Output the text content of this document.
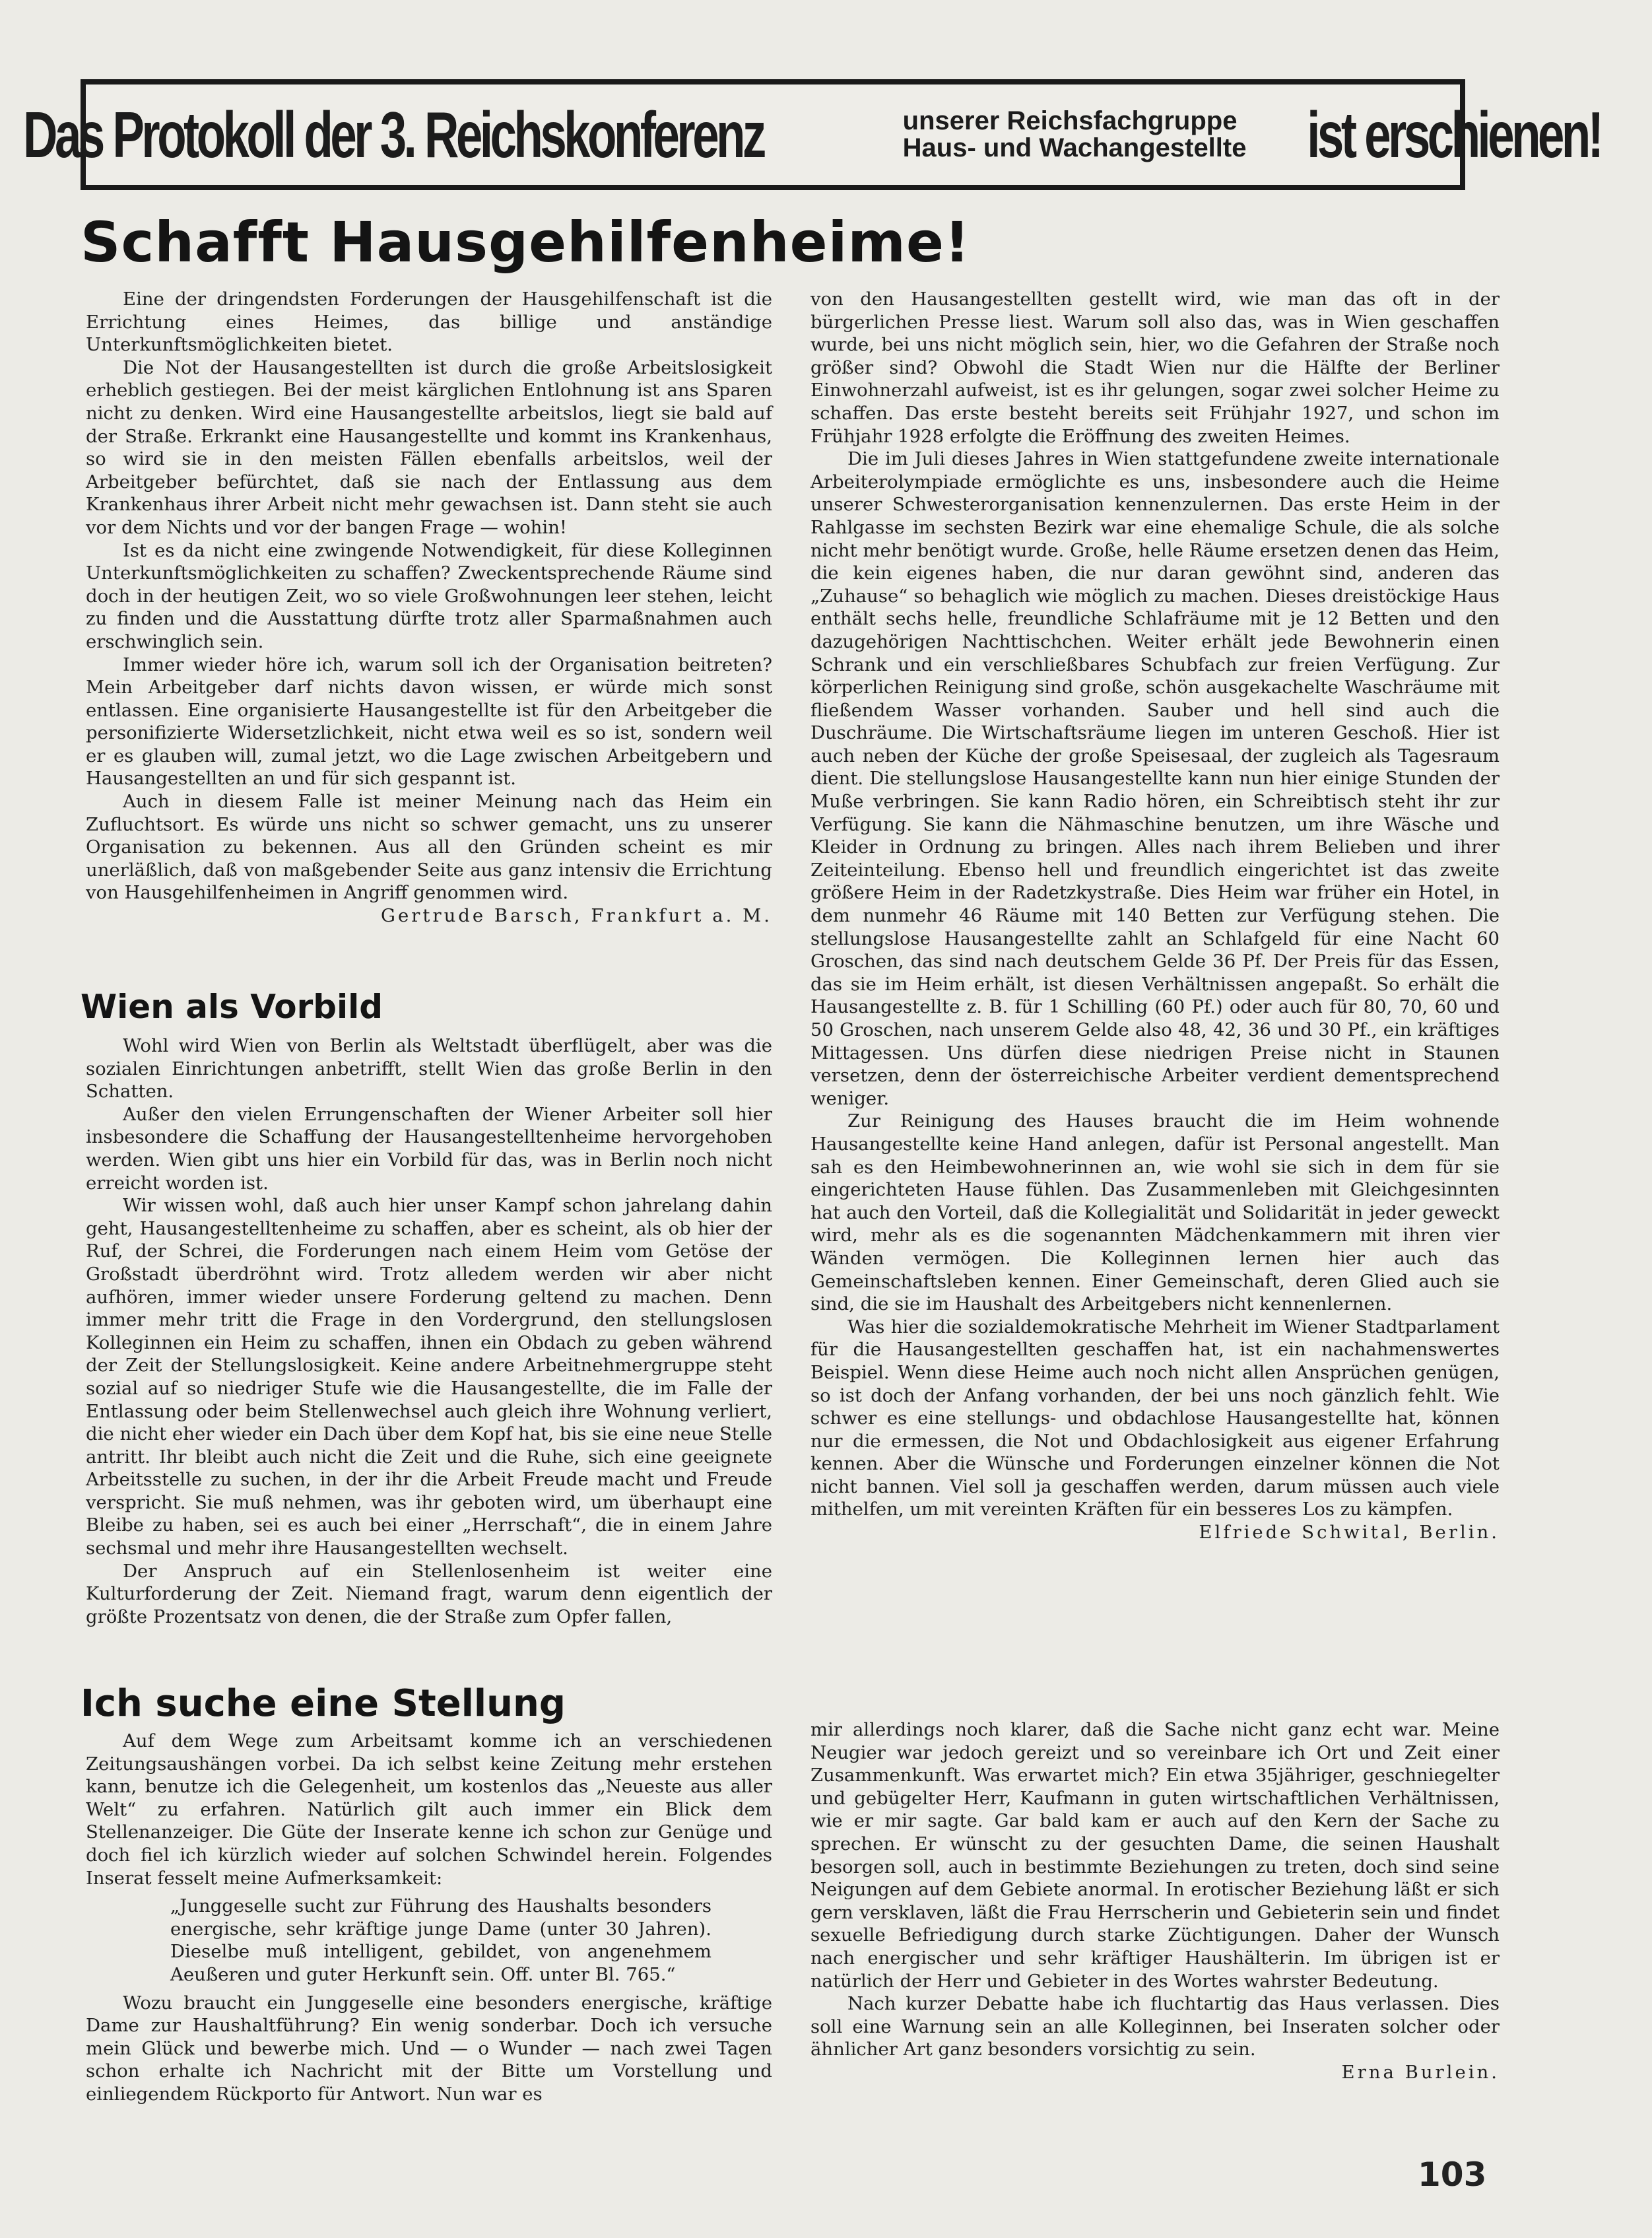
Das Protokoll der 3. Reichskonferenz	unserer Reichsfachgruppe
Haus- und Wachangestellte ist erschienen!
Schafft Hausgehilfenheime!

Eine der dringendsten Forderungen der Hausgehilfenschaft ist die Errichtung eines Heimes, das billige und anständige Unterkunftsmöglichkeiten bietet.

Die Not der Hausangestellten ist durch die große Arbeitslosigkeit erheblich gestiegen. Bei der meist kärglichen Entlohnung ist ans Sparen nicht zu denken. Wird eine Hausangestellte arbeitslos, liegt sie bald auf der Straße. Erkrankt eine Hausangestellte und kommt ins Krankenhaus, so wird sie in den meisten Fällen ebenfalls arbeitslos, weil der Arbeitgeber befürchtet, daß sie nach der Entlassung aus dem Krankenhaus ihrer Arbeit nicht mehr gewachsen ist. Dann steht sie auch vor dem Nichts und vor der bangen Frage — wohin!

Ist es da nicht eine zwingende Notwendigkeit, für diese Kolleginnen Unterkunftsmöglichkeiten zu schaffen? Zweckentsprechende Räume sind doch in der heutigen Zeit, wo so viele Großwohnungen leer stehen, leicht zu finden und die Ausstattung dürfte trotz aller Sparmaßnahmen auch erschwinglich sein.

Immer wieder höre ich, warum soll ich der Organisation beitreten? Mein Arbeitgeber darf nichts davon wissen, er würde mich sonst entlassen. Eine organisierte Hausangestellte ist für den Arbeitgeber die personifizierte Widersetzlichkeit, nicht etwa weil es so ist, sondern weil er es glauben will, zumal jetzt, wo die Lage zwischen Arbeitgebern und Hausangestellten an und für sich gespannt ist.

Auch in diesem Falle ist meiner Meinung nach das Heim ein Zufluchtsort. Es würde uns nicht so schwer gemacht, uns zu unserer Organisation zu bekennen. Aus all den Gründen scheint es mir unerläßlich, daß von maßgebender Seite aus ganz intensiv die Errichtung von Hausgehilfenheimen in Angriff genommen wird.

Gertrude Barsch, Frankfurt a. M.

Wien als Vorbild

Wohl wird Wien von Berlin als Weltstadt überflügelt, aber was die sozialen Einrichtungen anbetrifft, stellt Wien das große Berlin in den Schatten.

Außer den vielen Errungenschaften der Wiener Arbeiter soll hier insbesondere die Schaffung der Hausangestelltenheime hervorgehoben werden. Wien gibt uns hier ein Vorbild für das, was in Berlin noch nicht erreicht worden ist.

Wir wissen wohl, daß auch hier unser Kampf schon jahrelang dahin geht, Hausangestelltenheime zu schaffen, aber es scheint, als ob hier der Ruf, der Schrei, die Forderungen nach einem Heim vom Getöse der Großstadt überdröhnt wird. Trotz alledem werden wir aber nicht aufhören, immer wieder unsere Forderung geltend zu machen. Denn immer mehr tritt die Frage in den Vordergrund, den stellungslosen Kolleginnen ein Heim zu schaffen, ihnen ein Obdach zu geben während der Zeit der Stellungslosigkeit. Keine andere Arbeitnehmergruppe steht sozial auf so niedriger Stufe wie die Hausangestellte, die im Falle der Entlassung oder beim Stellenwechsel auch gleich ihre Wohnung verliert, die nicht eher wieder ein Dach über dem Kopf hat, bis sie eine neue Stelle antritt. Ihr bleibt auch nicht die Zeit und die Ruhe, sich eine geeignete Arbeitsstelle zu suchen, in der ihr die Arbeit Freude macht und Freude verspricht. Sie muß nehmen, was ihr geboten wird, um überhaupt eine Bleibe zu haben, sei es auch bei einer „Herrschaft“, die in einem Jahre sechsmal und mehr ihre Hausangestellten wechselt.

Der Anspruch auf ein Stellenlosenheim ist weiter eine Kulturforderung der Zeit. Niemand fragt, warum denn eigentlich der größte Prozentsatz von denen, die der Straße zum Opfer fallen,

von den Hausangestellten gestellt wird, wie man das oft in der bürgerlichen Presse liest. Warum soll also das, was in Wien geschaffen wurde, bei uns nicht möglich sein, hier, wo die Gefahren der Straße noch größer sind? Obwohl die Stadt Wien nur die Hälfte der Berliner Einwohnerzahl aufweist, ist es ihr gelungen, sogar zwei solcher Heime zu schaffen. Das erste besteht bereits seit Frühjahr 1927, und schon im Frühjahr 1928 erfolgte die Eröffnung des zweiten Heimes.

Die im Juli dieses Jahres in Wien stattgefundene zweite internationale Arbeiterolympiade ermöglichte es uns, insbesondere auch die Heime unserer Schwesterorganisation kennenzulernen. Das erste Heim in der Rahlgasse im sechsten Bezirk war eine ehemalige Schule, die als solche nicht mehr benötigt wurde. Große, helle Räume ersetzen denen das Heim, die kein eigenes haben, die nur daran gewöhnt sind, anderen das „Zuhause“ so behaglich wie möglich zu machen. Dieses dreistöckige Haus enthält sechs helle, freundliche Schlafräume mit je 12 Betten und den dazugehörigen Nachttischchen. Weiter erhält jede Bewohnerin einen Schrank und ein verschließbares Schubfach zur freien Verfügung. Zur körperlichen Reinigung sind große, schön ausgekachelte Waschräume mit fließendem Wasser vorhanden. Sauber und hell sind auch die Duschräume. Die Wirtschaftsräume liegen im unteren Geschoß. Hier ist auch neben der Küche der große Speisesaal, der zugleich als Tagesraum dient. Die stellungslose Hausangestellte kann nun hier einige Stunden der Muße verbringen. Sie kann Radio hören, ein Schreibtisch steht ihr zur Verfügung. Sie kann die Nähmaschine benutzen, um ihre Wäsche und Kleider in Ordnung zu bringen. Alles nach ihrem Belieben und ihrer Zeiteinteilung. Ebenso hell und freundlich eingerichtet ist das zweite größere Heim in der Radetzkystraße. Dies Heim war früher ein Hotel, in dem nunmehr 46 Räume mit 140 Betten zur Verfügung stehen. Die stellungslose Hausangestellte zahlt an Schlafgeld für eine Nacht 60 Groschen, das sind nach deutschem Gelde 36 Pf. Der Preis für das Essen, das sie im Heim erhält, ist diesen Verhältnissen angepaßt. So erhält die Hausangestellte z. B. für 1 Schilling (60 Pf.) oder auch für 80, 70, 60 und 50 Groschen, nach unserem Gelde also 48, 42, 36 und 30 Pf., ein kräftiges Mittagessen. Uns dürfen diese niedrigen Preise nicht in Staunen versetzen, denn der österreichische Arbeiter verdient dementsprechend weniger.

Zur Reinigung des Hauses braucht die im Heim wohnende Hausangestellte keine Hand anlegen, dafür ist Personal angestellt. Man sah es den Heimbewohnerinnen an, wie wohl sie sich in dem für sie eingerichteten Hause fühlen. Das Zusammenleben mit Gleichgesinnten hat auch den Vorteil, daß die Kollegialität und Solidarität in jeder geweckt wird, mehr als es die sogenannten Mädchenkammern mit ihren vier Wänden vermögen. Die Kolleginnen lernen hier auch das Gemeinschaftsleben kennen. Einer Gemeinschaft, deren Glied auch sie sind, die sie im Haushalt des Arbeitgebers nicht kennenlernen.

Was hier die sozialdemokratische Mehrheit im Wiener Stadtparlament für die Hausangestellten geschaffen hat, ist ein nachahmenswertes Beispiel. Wenn diese Heime auch noch nicht allen Ansprüchen genügen, so ist doch der Anfang vorhanden, der bei uns noch gänzlich fehlt. Wie schwer es eine stellungs- und obdachlose Hausangestellte hat, können nur die ermessen, die Not und Obdachlosigkeit aus eigener Erfahrung kennen. Aber die Wünsche und Forderungen einzelner können die Not nicht bannen. Viel soll ja geschaffen werden, darum müssen auch viele mithelfen, um mit vereinten Kräften für ein besseres Los zu kämpfen.

Elfriede Schwital, Berlin.

Ich suche eine Stellung

Auf dem Wege zum Arbeitsamt komme ich an verschiedenen Zeitungsaushängen vorbei. Da ich selbst keine Zeitung mehr erstehen kann, benutze ich die Gelegenheit, um kostenlos das „Neueste aus aller Welt“ zu erfahren. Natürlich gilt auch immer ein Blick dem Stellenanzeiger. Die Güte der Inserate kenne ich schon zur Genüge und doch fiel ich kürzlich wieder auf solchen Schwindel herein. Folgendes Inserat fesselt meine Aufmerksamkeit:

„Junggeselle sucht zur Führung des Haushalts besonders energische, sehr kräftige junge Dame (unter 30 Jahren). Dieselbe muß intelligent, gebildet, von angenehmem Aeußeren und guter Herkunft sein. Off. unter Bl. 765.“

Wozu braucht ein Junggeselle eine besonders energische, kräftige Dame zur Haushaltführung? Ein wenig sonderbar. Doch ich versuche mein Glück und bewerbe mich. Und — o Wunder — nach zwei Tagen schon erhalte ich Nachricht mit der Bitte um Vorstellung und einliegendem Rückporto für Antwort. Nun war es

mir allerdings noch klarer, daß die Sache nicht ganz echt war. Meine Neugier war jedoch gereizt und so vereinbare ich Ort und Zeit einer Zusammenkunft. Was erwartet mich? Ein etwa 35jähriger, geschniegelter und gebügelter Herr, Kaufmann in guten wirtschaftlichen Verhältnissen, wie er mir sagte. Gar bald kam er auch auf den Kern der Sache zu sprechen. Er wünscht zu der gesuchten Dame, die seinen Haushalt besorgen soll, auch in bestimmte Beziehungen zu treten, doch sind seine Neigungen auf dem Gebiete anormal. In erotischer Beziehung läßt er sich gern versklaven, läßt die Frau Herrscherin und Gebieterin sein und findet sexuelle Befriedigung durch starke Züchtigungen. Daher der Wunsch nach energischer und sehr kräftiger Haushälterin. Im übrigen ist er natürlich der Herr und Gebieter in des Wortes wahrster Bedeutung.

Nach kurzer Debatte habe ich fluchtartig das Haus verlassen. Dies soll eine Warnung sein an alle Kolleginnen, bei Inseraten solcher oder ähnlicher Art ganz besonders vorsichtig zu sein.

Erna Burlein.

103
